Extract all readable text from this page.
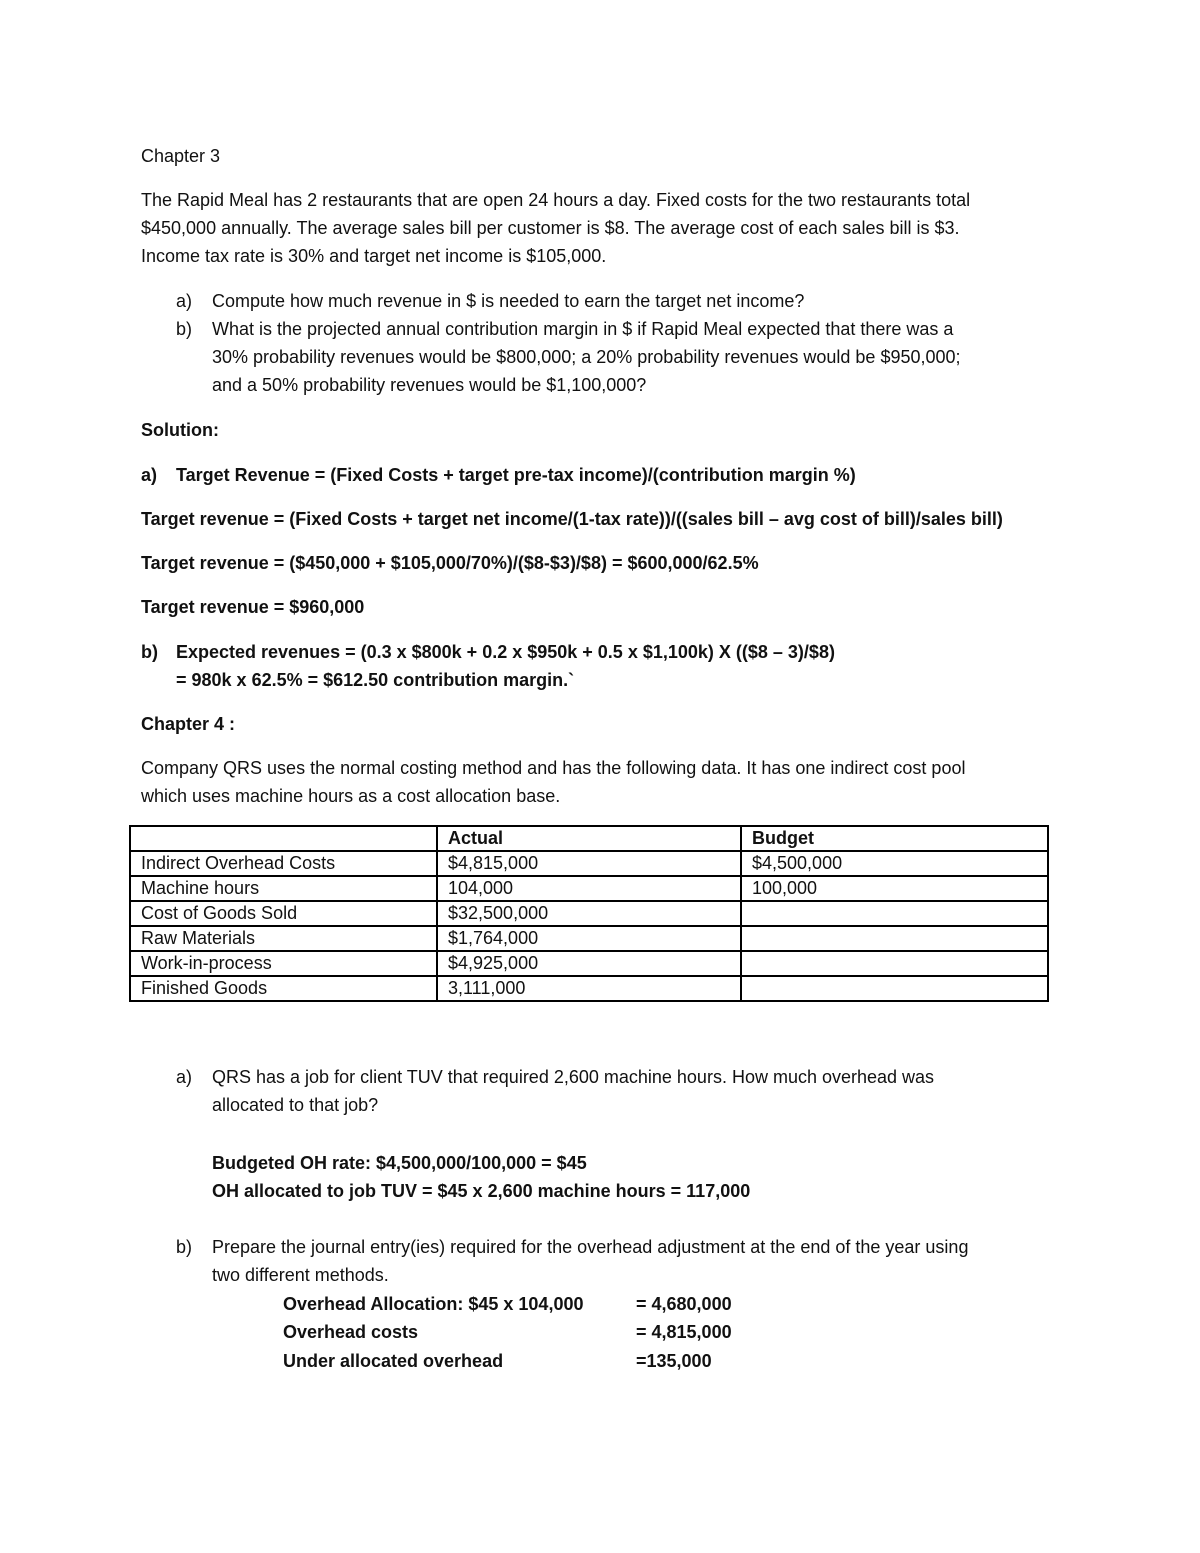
Chapter 3
The Rapid Meal has 2 restaurants that are open 24 hours a day. Fixed costs for the two restaurants total
$450,000 annually. The average sales bill per customer is $8. The average cost of each sales bill is $3.
Income tax rate is 30% and target net income is $105,000.
a) Compute how much revenue in $ is needed to earn the target net income?
b) What is the projected annual contribution margin in $ if Rapid Meal expected that there was a
30% probability revenues would be $800,000; a 20% probability revenues would be $950,000;
and a 50% probability revenues would be $1,100,000?
Solution:
a) Target Revenue = (Fixed Costs + target pre-tax income)/(contribution margin %)
Target revenue = (Fixed Costs + target net income/(1-tax rate))/((sales bill – avg cost of bill)/sales bill)
Target revenue = ($450,000 + $105,000/70%)/($8-$3)/$8) = $600,000/62.5%
Target revenue = $960,000
b) Expected revenues = (0.3 x $800k + 0.2 x $950k + 0.5 x $1,100k) X (($8 – 3)/$8)
= 980k x 62.5% = $612.50 contribution margin.`
Chapter 4 :
Company QRS uses the normal costing method and has the following data. It has one indirect cost pool
which uses machine hours as a cost allocation base.
	Actual	Budget
Indirect Overhead Costs	$4,815,000	$4,500,000
Machine hours	104,000	100,000
Cost of Goods Sold	$32,500,000	
Raw Materials	$1,764,000	
Work-in-process	$4,925,000	
Finished Goods	3,111,000	
a) QRS has a job for client TUV that required 2,600 machine hours. How much overhead was
allocated to that job?
Budgeted OH rate: $4,500,000/100,000 = $45
OH allocated to job TUV = $45 x 2,600 machine hours = 117,000
b) Prepare the journal entry(ies) required for the overhead adjustment at the end of the year using
two different methods.
Overhead Allocation: $45 x 104,000	= 4,680,000
Overhead costs	= 4,815,000
Under allocated overhead	=135,000
